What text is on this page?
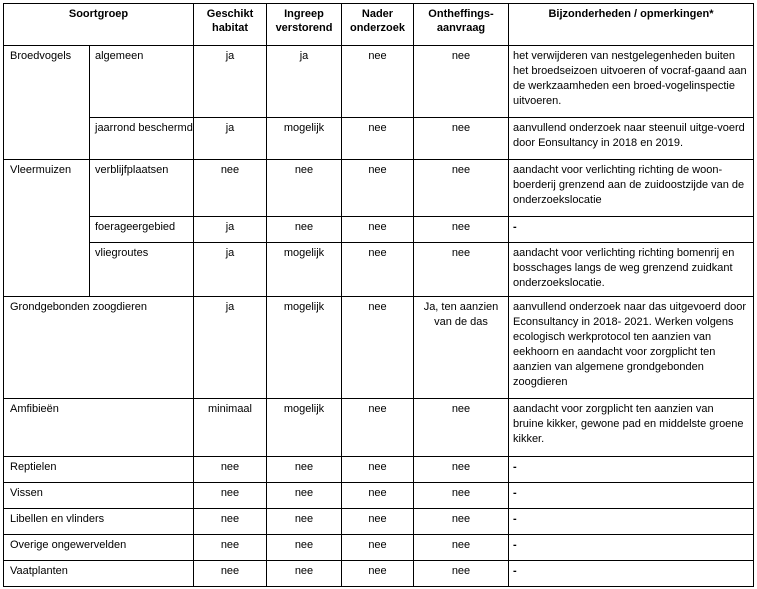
Soortgroep		Geschikt habitat	Ingreep verstorend	Nader onderzoek	Ontheffings-aanvraag	Bijzonderheden / opmerkingen*
Broedvogels	algemeen	ja	ja	nee	nee	het verwijderen van nestgelegenheden buiten het broedseizoen uitvoeren of vocraf-gaand aan de werkzaamheden een broed-vogelinspectie uitvoeren.
	jaarrond beschermd	ja	mogelijk	nee	nee	aanvullend onderzoek naar steenuil uitge-voerd door Eonsultancy in 2018 en 2019.
Vleermuizen	verblijfplaatsen	nee	nee	nee	nee	aandacht voor verlichting richting de woon-boerderij grenzend aan de zuidoostzijde van de onderzoekslocatie
	foerageergebied	ja	nee	nee	nee	-
	vliegroutes	ja	mogelijk	nee	nee	aandacht voor verlichting richting bomenrij en bosschages langs de weg grenzend zuidkant onderzoekslocatie.
Grondgebonden zoogdieren		ja	mogelijk	nee	Ja, ten aanzien van de das	aanvullend onderzoek naar das uitgevoerd door Econsultancy in 2018- 2021. Werken volgens ecologisch werkprotocol ten aanzien van eekhoorn en aandacht voor zorgplicht ten aanzien van algemene grondgebonden zoogdieren
Amfibieën		minimaal	mogelijk	nee	nee	aandacht voor zorgplicht ten aanzien van bruine kikker, gewone pad en middelste groene kikker.
Reptielen		nee	nee	nee	nee	-
Vissen		nee	nee	nee	nee	-
Libellen en vlinders		nee	nee	nee	nee	-
Overige ongewervelden		nee	nee	nee	nee	-
Vaatplanten		nee	nee	nee	nee	-
